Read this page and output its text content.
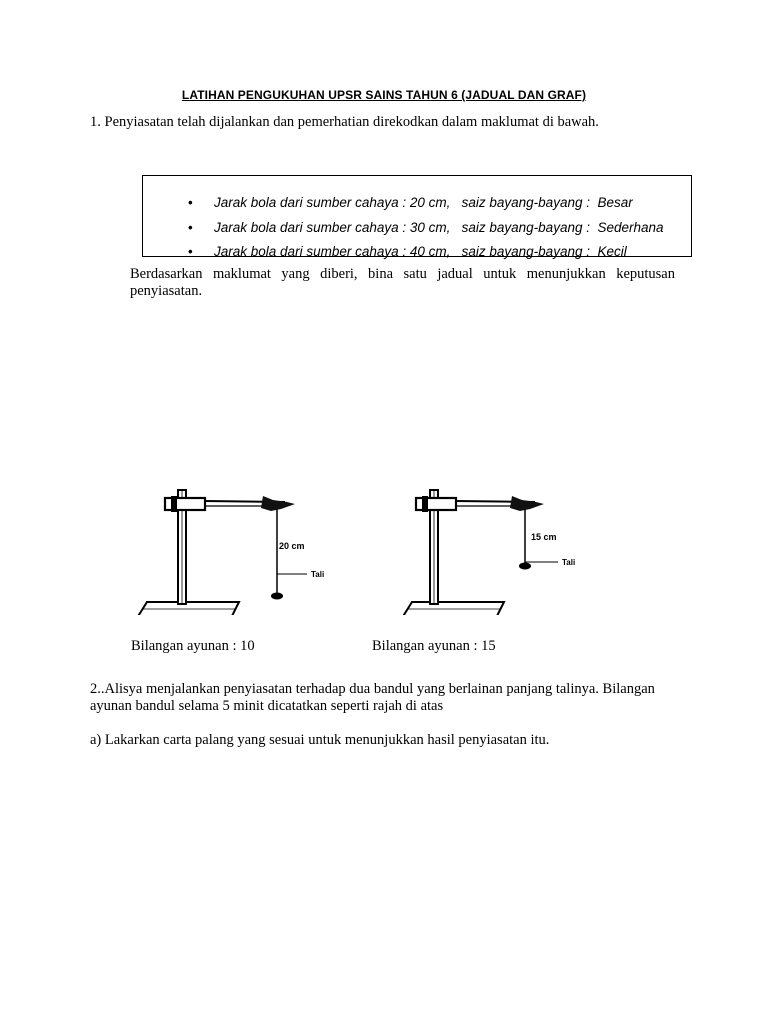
LATIHAN PENGUKUHAN UPSR SAINS TAHUN 6 (JADUAL DAN GRAF)
1. Penyiasatan telah dijalankan dan pemerhatian direkodkan dalam maklumat di bawah.

• Jarak bola dari sumber cahaya : 20 cm,   saiz bayang-bayang :  Besar

• Jarak bola dari sumber cahaya : 30 cm,   saiz bayang-bayang :  Sederhana

• Jarak bola dari sumber cahaya : 40 cm,   saiz bayang-bayang :  Kecil

Berdasarkan maklumat yang diberi, bina satu jadual untuk menunjukkan keputusan penyiasatan.
20 cm
Tali
15 cm
Tali
Bilangan ayunan : 10	Bilangan ayunan : 15
2..Alisya menjalankan penyiasatan terhadap dua bandul yang berlainan panjang talinya. Bilangan ayunan bandul selama 5 minit dicatatkan seperti rajah di atas
a) Lakarkan carta palang yang sesuai untuk menunjukkan hasil penyiasatan itu.
